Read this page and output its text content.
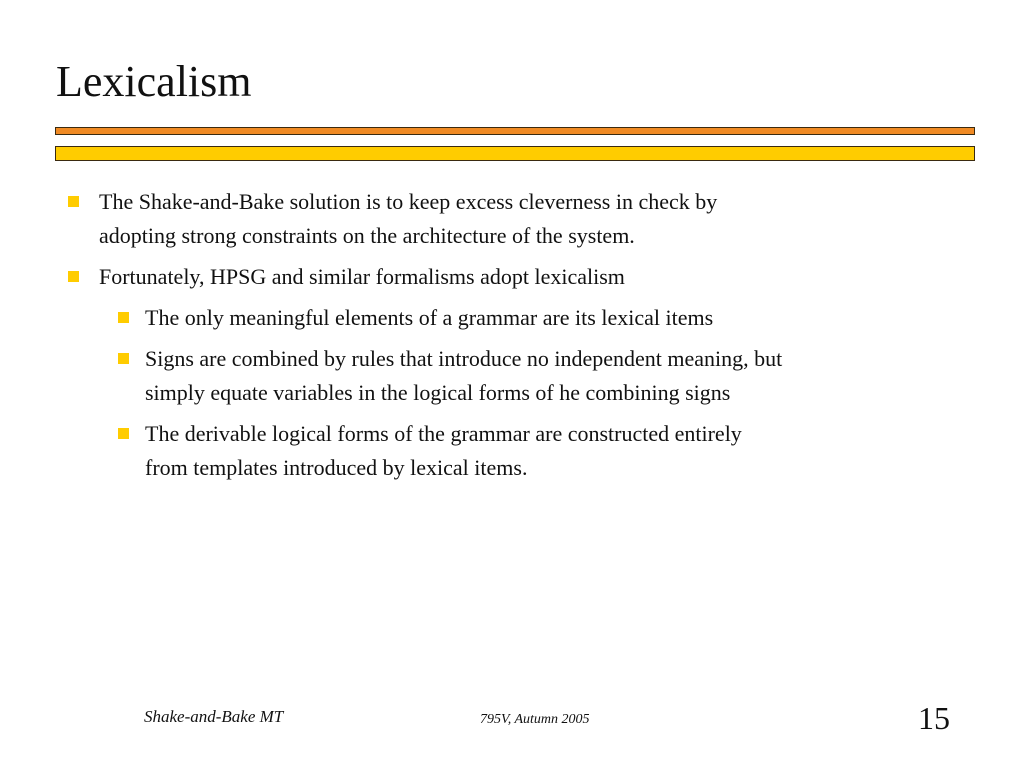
Lexicalism
The Shake-and-Bake solution is to keep excess cleverness in check by
adopting strong constraints on the architecture of the system.
Fortunately, HPSG and similar formalisms adopt lexicalism
The only meaningful elements of a grammar are its lexical items
Signs are combined by rules that introduce no independent meaning, but
simply equate variables in the logical forms of he combining signs
The derivable logical forms of the grammar are constructed entirely
from templates introduced by lexical items.
Shake-and-Bake MT	795V, Autumn 2005	15
